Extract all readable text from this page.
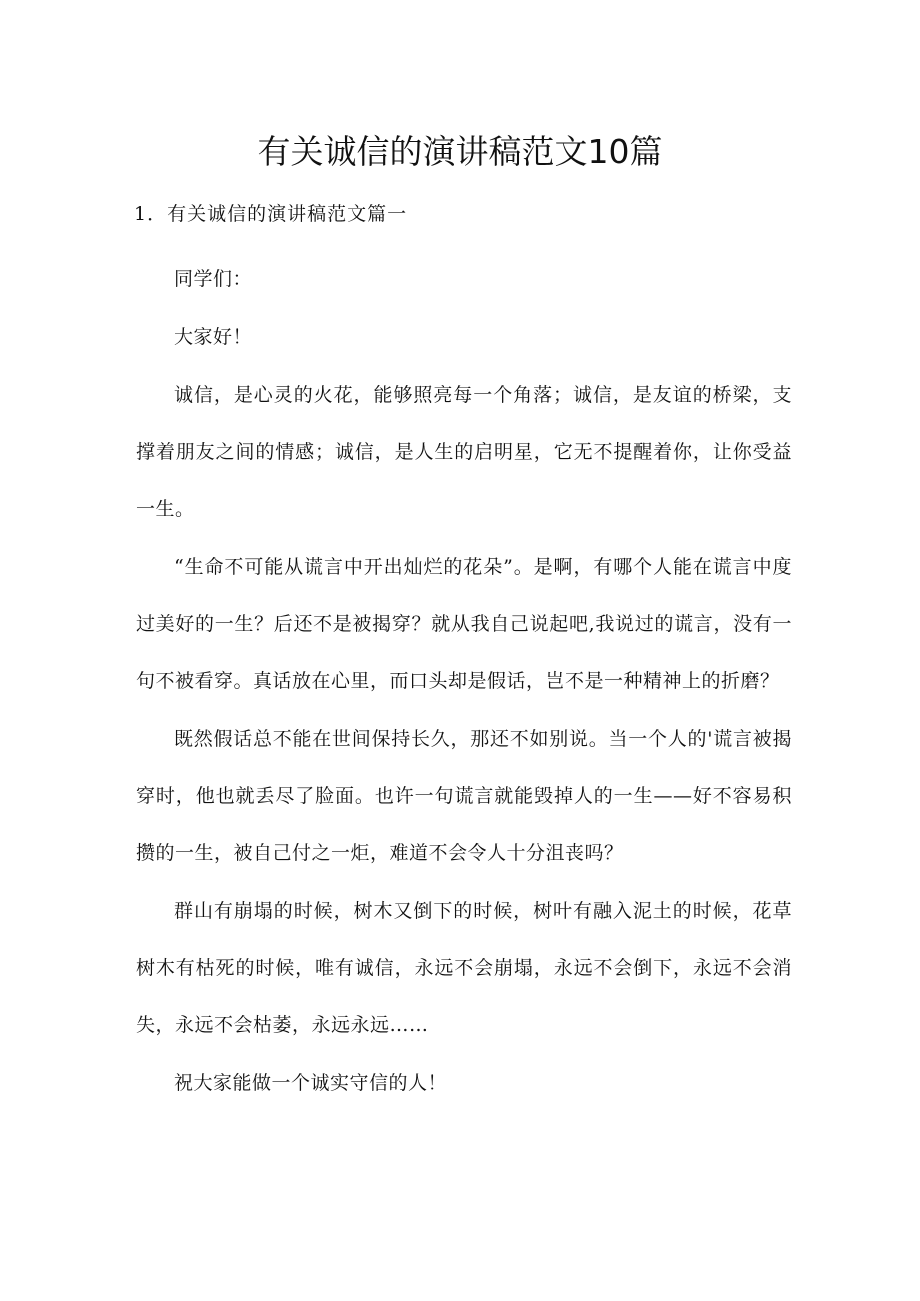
有关诚信的演讲稿范文10篇

1．有关诚信的演讲稿范文篇一

同学们：

大家好！

诚信，是心灵的火花，能够照亮每一个角落；诚信，是友谊的桥梁，支撑着朋友之间的情感；诚信，是人生的启明星，它无不提醒着你，让你受益一生。

“生命不可能从谎言中开出灿烂的花朵”。是啊，有哪个人能在谎言中度过美好的一生？后还不是被揭穿？就从我自己说起吧,我说过的谎言，没有一句不被看穿。真话放在心里，而口头却是假话，岂不是一种精神上的折磨？

既然假话总不能在世间保持长久，那还不如别说。当一个人的'谎言被揭穿时，他也就丢尽了脸面。也许一句谎言就能毁掉人的一生——好不容易积攒的一生，被自己付之一炬，难道不会令人十分沮丧吗？

群山有崩塌的时候，树木又倒下的时候，树叶有融入泥土的时候，花草树木有枯死的时候，唯有诚信，永远不会崩塌，永远不会倒下，永远不会消失，永远不会枯萎，永远永远……

祝大家能做一个诚实守信的人！
